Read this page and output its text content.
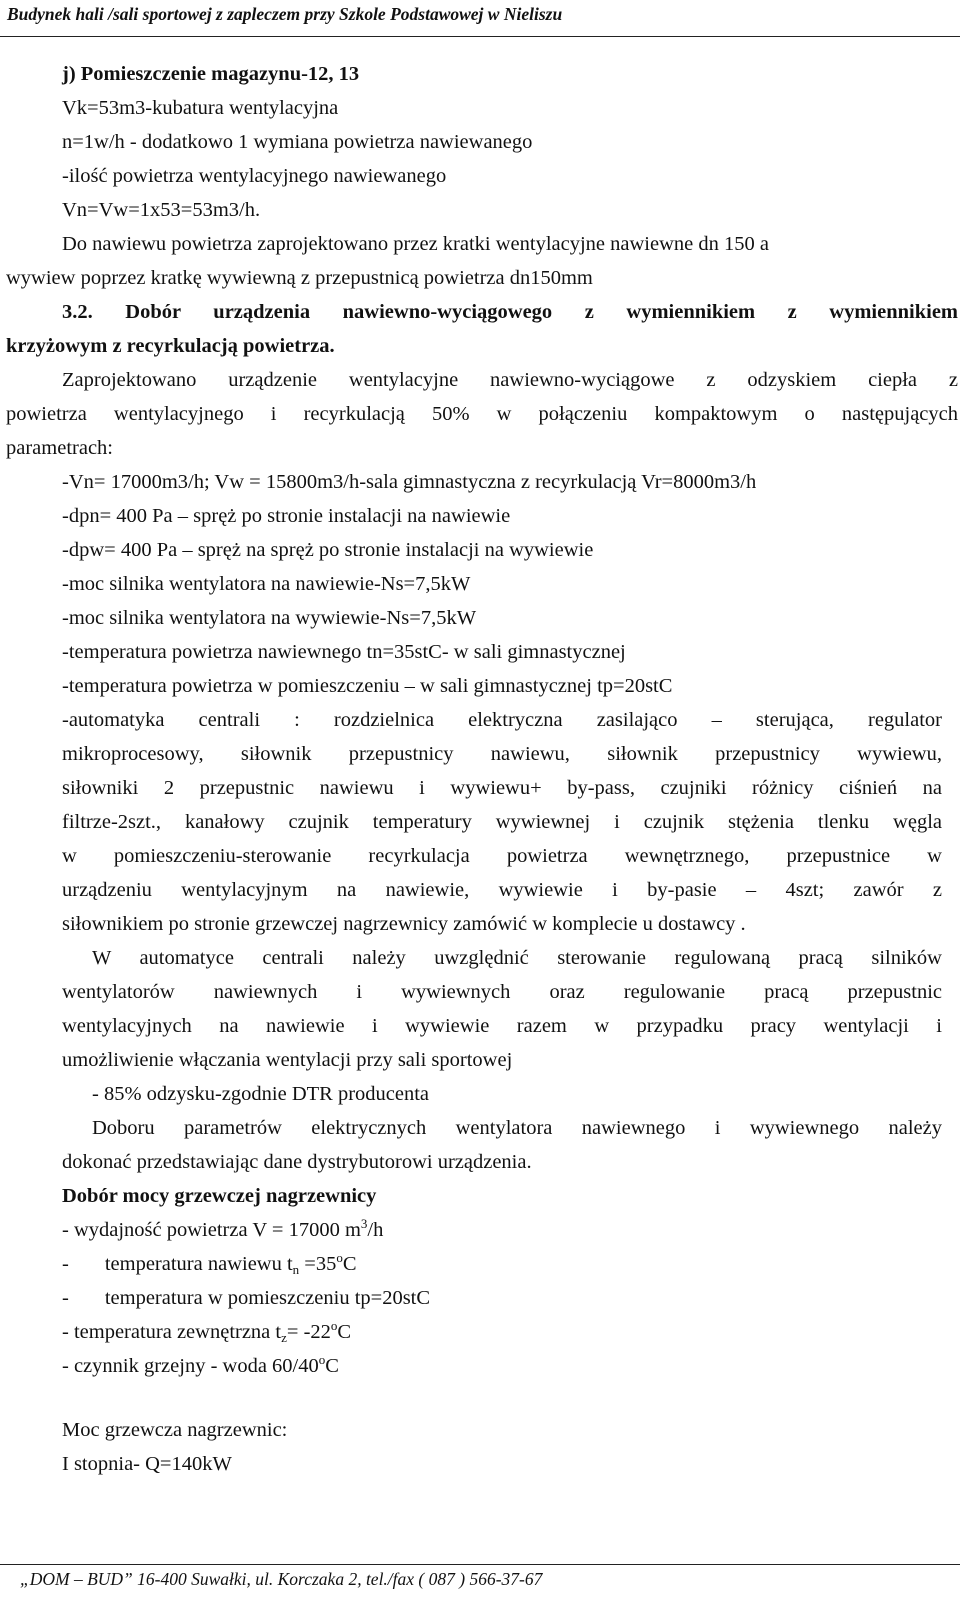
Budynek hali /sali sportowej z zapleczem przy Szkole Podstawowej w Nieliszu
j) Pomieszczenie magazynu-12, 13
Vk=53m3-kubatura wentylacyjna
n=1w/h - dodatkowo 1 wymiana powietrza nawiewanego
-ilość powietrza wentylacyjnego nawiewanego
Vn=Vw=1x53=53m3/h.
Do nawiewu powietrza zaprojektowano przez kratki wentylacyjne nawiewne dn 150 a
wywiew poprzez kratkę wywiewną z przepustnicą powietrza dn150mm
3.2. Dobór urządzenia nawiewno-wyciągowego z wymiennikiem z wymiennikiem
krzyżowym z recyrkulacją powietrza.
Zaprojektowano urządzenie wentylacyjne nawiewno-wyciągowe z odzyskiem ciepła z
powietrza wentylacyjnego i recyrkulacją 50% w połączeniu kompaktowym o następujących
parametrach:
-Vn= 17000m3/h; Vw = 15800m3/h-sala gimnastyczna z recyrkulacją Vr=8000m3/h
-dpn= 400 Pa – spręż po stronie instalacji na nawiewie
-dpw= 400 Pa – spręż na spręż po stronie instalacji na wywiewie
-moc silnika wentylatora na nawiewie-Ns=7,5kW
-moc silnika wentylatora na wywiewie-Ns=7,5kW
-temperatura powietrza nawiewnego tn=35stC- w sali gimnastycznej
-temperatura powietrza w pomieszczeniu – w sali gimnastycznej tp=20stC
-automatyka centrali : rozdzielnica elektryczna zasilająco – sterująca, regulator
mikroprocesowy, siłownik przepustnicy nawiewu, siłownik przepustnicy wywiewu,
siłowniki 2 przepustnic nawiewu i wywiewu+ by-pass, czujniki różnicy ciśnień na
filtrze-2szt., kanałowy czujnik temperatury wywiewnej i czujnik stężenia tlenku węgla
w pomieszczeniu-sterowanie recyrkulacja powietrza wewnętrznego, przepustnice w
urządzeniu wentylacyjnym na nawiewie, wywiewie i by-pasie – 4szt; zawór z
siłownikiem po stronie grzewczej nagrzewnicy zamówić w komplecie u dostawcy .
W automatyce centrali należy uwzględnić sterowanie regulowaną pracą silników
wentylatorów nawiewnych i wywiewnych oraz regulowanie pracą przepustnic
wentylacyjnych na nawiewie i wywiewie razem w przypadku pracy wentylacji i
umożliwienie włączania wentylacji przy sali sportowej
- 85% odzysku-zgodnie DTR producenta
Doboru parametrów elektrycznych wentylatora nawiewnego i wywiewnego należy
dokonać przedstawiając dane dystrybutorowi urządzenia.
Dobór mocy grzewczej nagrzewnicy
- wydajność powietrza V = 17000 $m^3/h$
- temperatura nawiewu $t_n =35^oC$
- temperatura w pomieszczeniu tp=20stC
- temperatura zewnętrzna $t_z= -22^oC$
- czynnik grzejny - woda 60/40$^o$C
Moc grzewcza nagrzewnic:
I stopnia- Q=140kW
„DOM – BUD” 16-400 Suwałki, ul. Korczaka 2, tel./fax ( 087 ) 566-37-67
